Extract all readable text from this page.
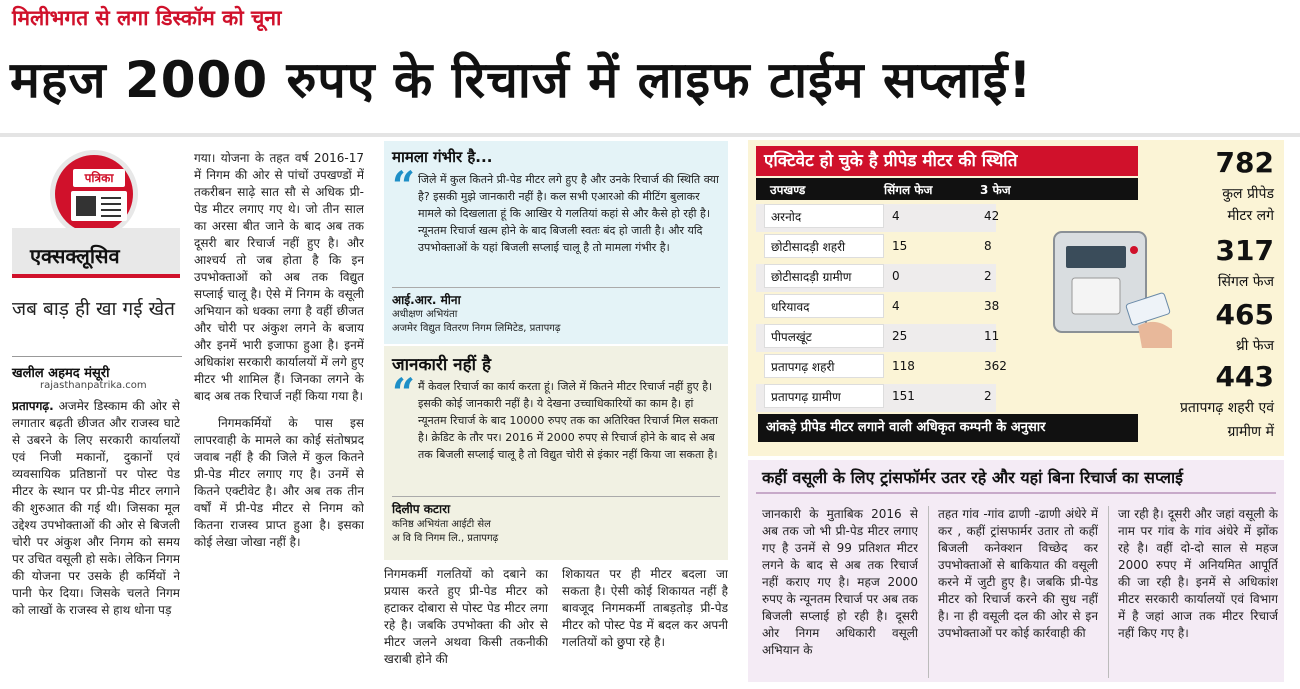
मिलीभगत से लगा डिस्कॉम को चूना
महज 2000 रुपए के रिचार्ज में लाइफ टाईम सप्लाई!
पत्रिका
एक्सक्लूसिव
जब बाड़ ही खा गई खेत
खलील अहमद मंसूरी
rajasthanpatrika.com
प्रतापगढ़. अजमेर डिस्काम की ओर से लगातार बढ़ती छीजत और राजस्व घाटे से उबरने के लिए सरकारी कार्यालयों एवं निजी मकानों, दुकानों एवं व्यवसायिक प्रतिष्ठानों पर पोस्ट पेड मीटर के स्थान पर प्री-पेड मीटर लगाने की शुरुआत की गई थी। जिसका मूल उद्देश्य उपभोक्ताओं की ओर से बिजली चोरी पर अंकुश और निगम को समय पर उचित वसूली हो सके। लेकिन निगम की योजना पर उसके ही कर्मियों ने पानी फेर दिया। जिसके चलते निगम को लाखों के राजस्व से हाथ धोना पड़

गया। योजना के तहत वर्ष 2016-17 में निगम की ओर से पांचों उपखण्डों में तकरीबन साढ़े सात सौ से अधिक प्री-पेड मीटर लगाए गए थे। जो तीन साल का अरसा बीत जाने के बाद अब तक दूसरी बार रिचार्ज नहीं हुए है। और आश्चर्य तो जब होता है कि इन उपभोक्ताओं को अब तक विद्युत सप्लाई चालू है। ऐसे में निगम के वसूली अभियान को धक्का लगा है वहीं छीजत और चोरी पर अंकुश लगने के बजाय और इनमें भारी इजाफा हुआ है। इनमें अधिकांश सरकारी कार्यालयों में लगे हुए मीटर भी शामिल हैं। जिनका लगने के बाद अब तक रिचार्ज नहीं किया गया है।

निगमकर्मियों के पास इस लापरवाही के मामले का कोई संतोषप्रद जवाब नहीं है की जिले में कुल कितने प्री-पेड मीटर लगाए गए है। उनमें से कितने एक्टीवेट है। और अब तक तीन वर्षों में प्री-पेड मीटर से निगम को कितना राजस्व प्राप्त हुआ है। इसका कोई लेखा जोखा नहीं है।

मामला गंभीर है...
“ जिले में कुल कितने प्री-पेड मीटर लगे हुए है और उनके रिचार्ज की स्थिति क्या है? इसकी मुझे जानकारी नहीं है। कल सभी एआरओ की मीटिंग बुलाकर मामले को दिखलाता हूं कि आखिर ये गलतियां कहां से और कैसे हो रही है। न्यूनतम रिचार्ज खत्म होने के बाद बिजली स्वतः बंद हो जाती है। और यदि उपभोक्ताओं के यहां बिजली सप्लाई चालू है तो मामला गंभीर है।
आई.आर. मीना
अधीक्षण अभियंता
अजमेर विद्युत वितरण निगम लिमिटेड, प्रतापगढ़
जानकारी नहीं है
“ मैं केवल रिचार्ज का कार्य करता हूं। जिले में कितने मीटर रिचार्ज नहीं हुए है। इसकी कोई जानकारी नहीं है। ये देखना उच्चाधिकारियों का काम है। हां न्यूनतम रिचार्ज के बाद 10000 रुपए तक का अतिरिक्त रिचार्ज मिल सकता है। क्रेडिट के तौर पर। 2016 में 2000 रुपए से रिचार्ज होने के बाद से अब तक बिजली सप्लाई चालू है तो विद्युत चोरी से इंकार नहीं किया जा सकता है।
दिलीप कटारा
कनिष्ठ अभियंता आईटी सेल
अ वि वि निगम लि., प्रतापगढ़
निगमकर्मी गलतियों को दबाने का प्रयास करते हुए प्री-पेड मीटर को हटाकर दोबारा से पोस्ट पेड मीटर लगा रहे है। जबकि उपभोक्ता की ओर से मीटर जलने अथवा किसी तकनीकी खराबी होने की
शिकायत पर ही मीटर बदला जा सकता है। ऐसी कोई शिकायत नहीं है बावजूद निगमकर्मी ताबड़तोड़ प्री-पेड मीटर को पोस्ट पेड में बदल कर अपनी गलतियों को छुपा रहे है।
एक्टिवेट हो चुके है प्रीपेड मीटर की स्थिति
उपखण्ड	सिंगल फेज	3 फेज
अरनोद	4	42
छोटीसादड़ी शहरी	15	8
छोटीसादड़ी ग्रामीण	0	2
धरियावद	4	38
पीपलखूंट	25	11
प्रतापगढ़ शहरी	118	362
प्रतापगढ़ ग्रामीण	151	2
आंकड़े प्रीपेड मीटर लगाने वाली अधिकृत कम्पनी के अनुसार
782
कुल प्रीपेड
मीटर लगे
317
सिंगल फेज
465
थ्री फेज
443
प्रतापगढ़ शहरी एवं
ग्रामीण में
कहीं वसूली के लिए ट्रांसफॉर्मर उतर रहे और यहां बिना रिचार्ज का सप्लाई
जानकारी के मुताबिक 2016 से अब तक जो भी प्री-पेड मीटर लगाए गए है उनमें से 99 प्रतिशत मीटर लगने के बाद से अब तक रिचार्ज नहीं कराए गए है। महज 2000 रुपए के न्यूनतम रिचार्ज पर अब तक बिजली सप्लाई हो रही है। दूसरी ओर निगम अधिकारी वसूली अभियान के
तहत गांव -गांव ढाणी -ढाणी अंधेरे में कर , कहीं ट्रांसफार्मर उतार तो कहीं बिजली कनेक्शन विच्छेद कर उपभोक्ताओं से बाकियात की वसूली करने में जुटी हुए है। जबकि प्री-पेड मीटर को रिचार्ज करने की सुध नहीं है। ना ही वसूली दल की ओर से इन उपभोक्ताओं पर कोई कार्रवाही की
जा रही है। दूसरी और जहां वसूली के नाम पर गांव के गांव अंधेरे में झोंक रहे है। वहीं दो-दो साल से महज 2000 रुपए में अनियमित आपूर्ति की जा रही है। इनमें से अधिकांश मीटर सरकारी कार्यालयों एवं विभाग में है जहां आज तक मीटर रिचार्ज नहीं किए गए है।
